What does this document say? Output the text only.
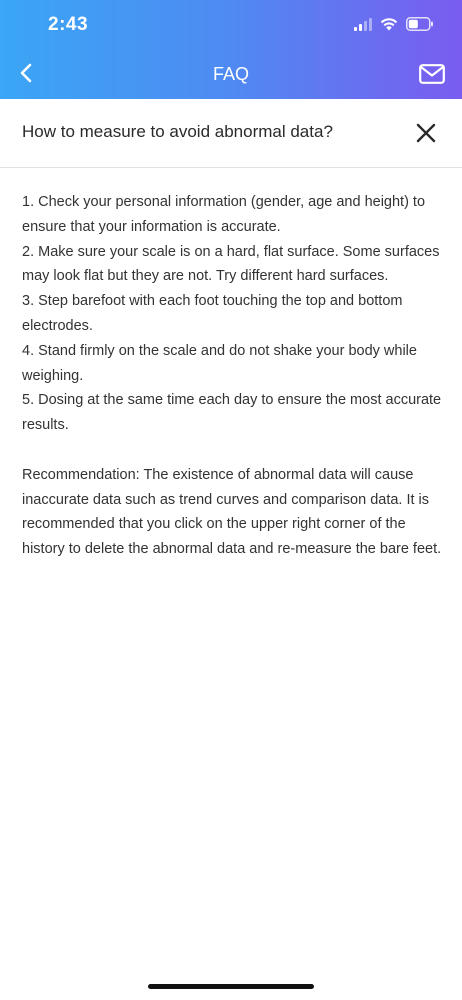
2:43
FAQ
How to measure to avoid abnormal data?

1. Check your personal information (gender, age and height) to ensure that your information is accurate.

2. Make sure your scale is on a hard, flat surface. Some surfaces may look flat but they are not. Try different hard surfaces.

3. Step barefoot with each foot touching the top and bottom electrodes.

4. Stand firmly on the scale and do not shake your body while weighing.

5. Dosing at the same time each day to ensure the most accurate results.

Recommendation: The existence of abnormal data will cause inaccurate data such as trend curves and comparison data. It is recommended that you click on the upper right corner of the history to delete the abnormal data and re-measure the bare feet.
